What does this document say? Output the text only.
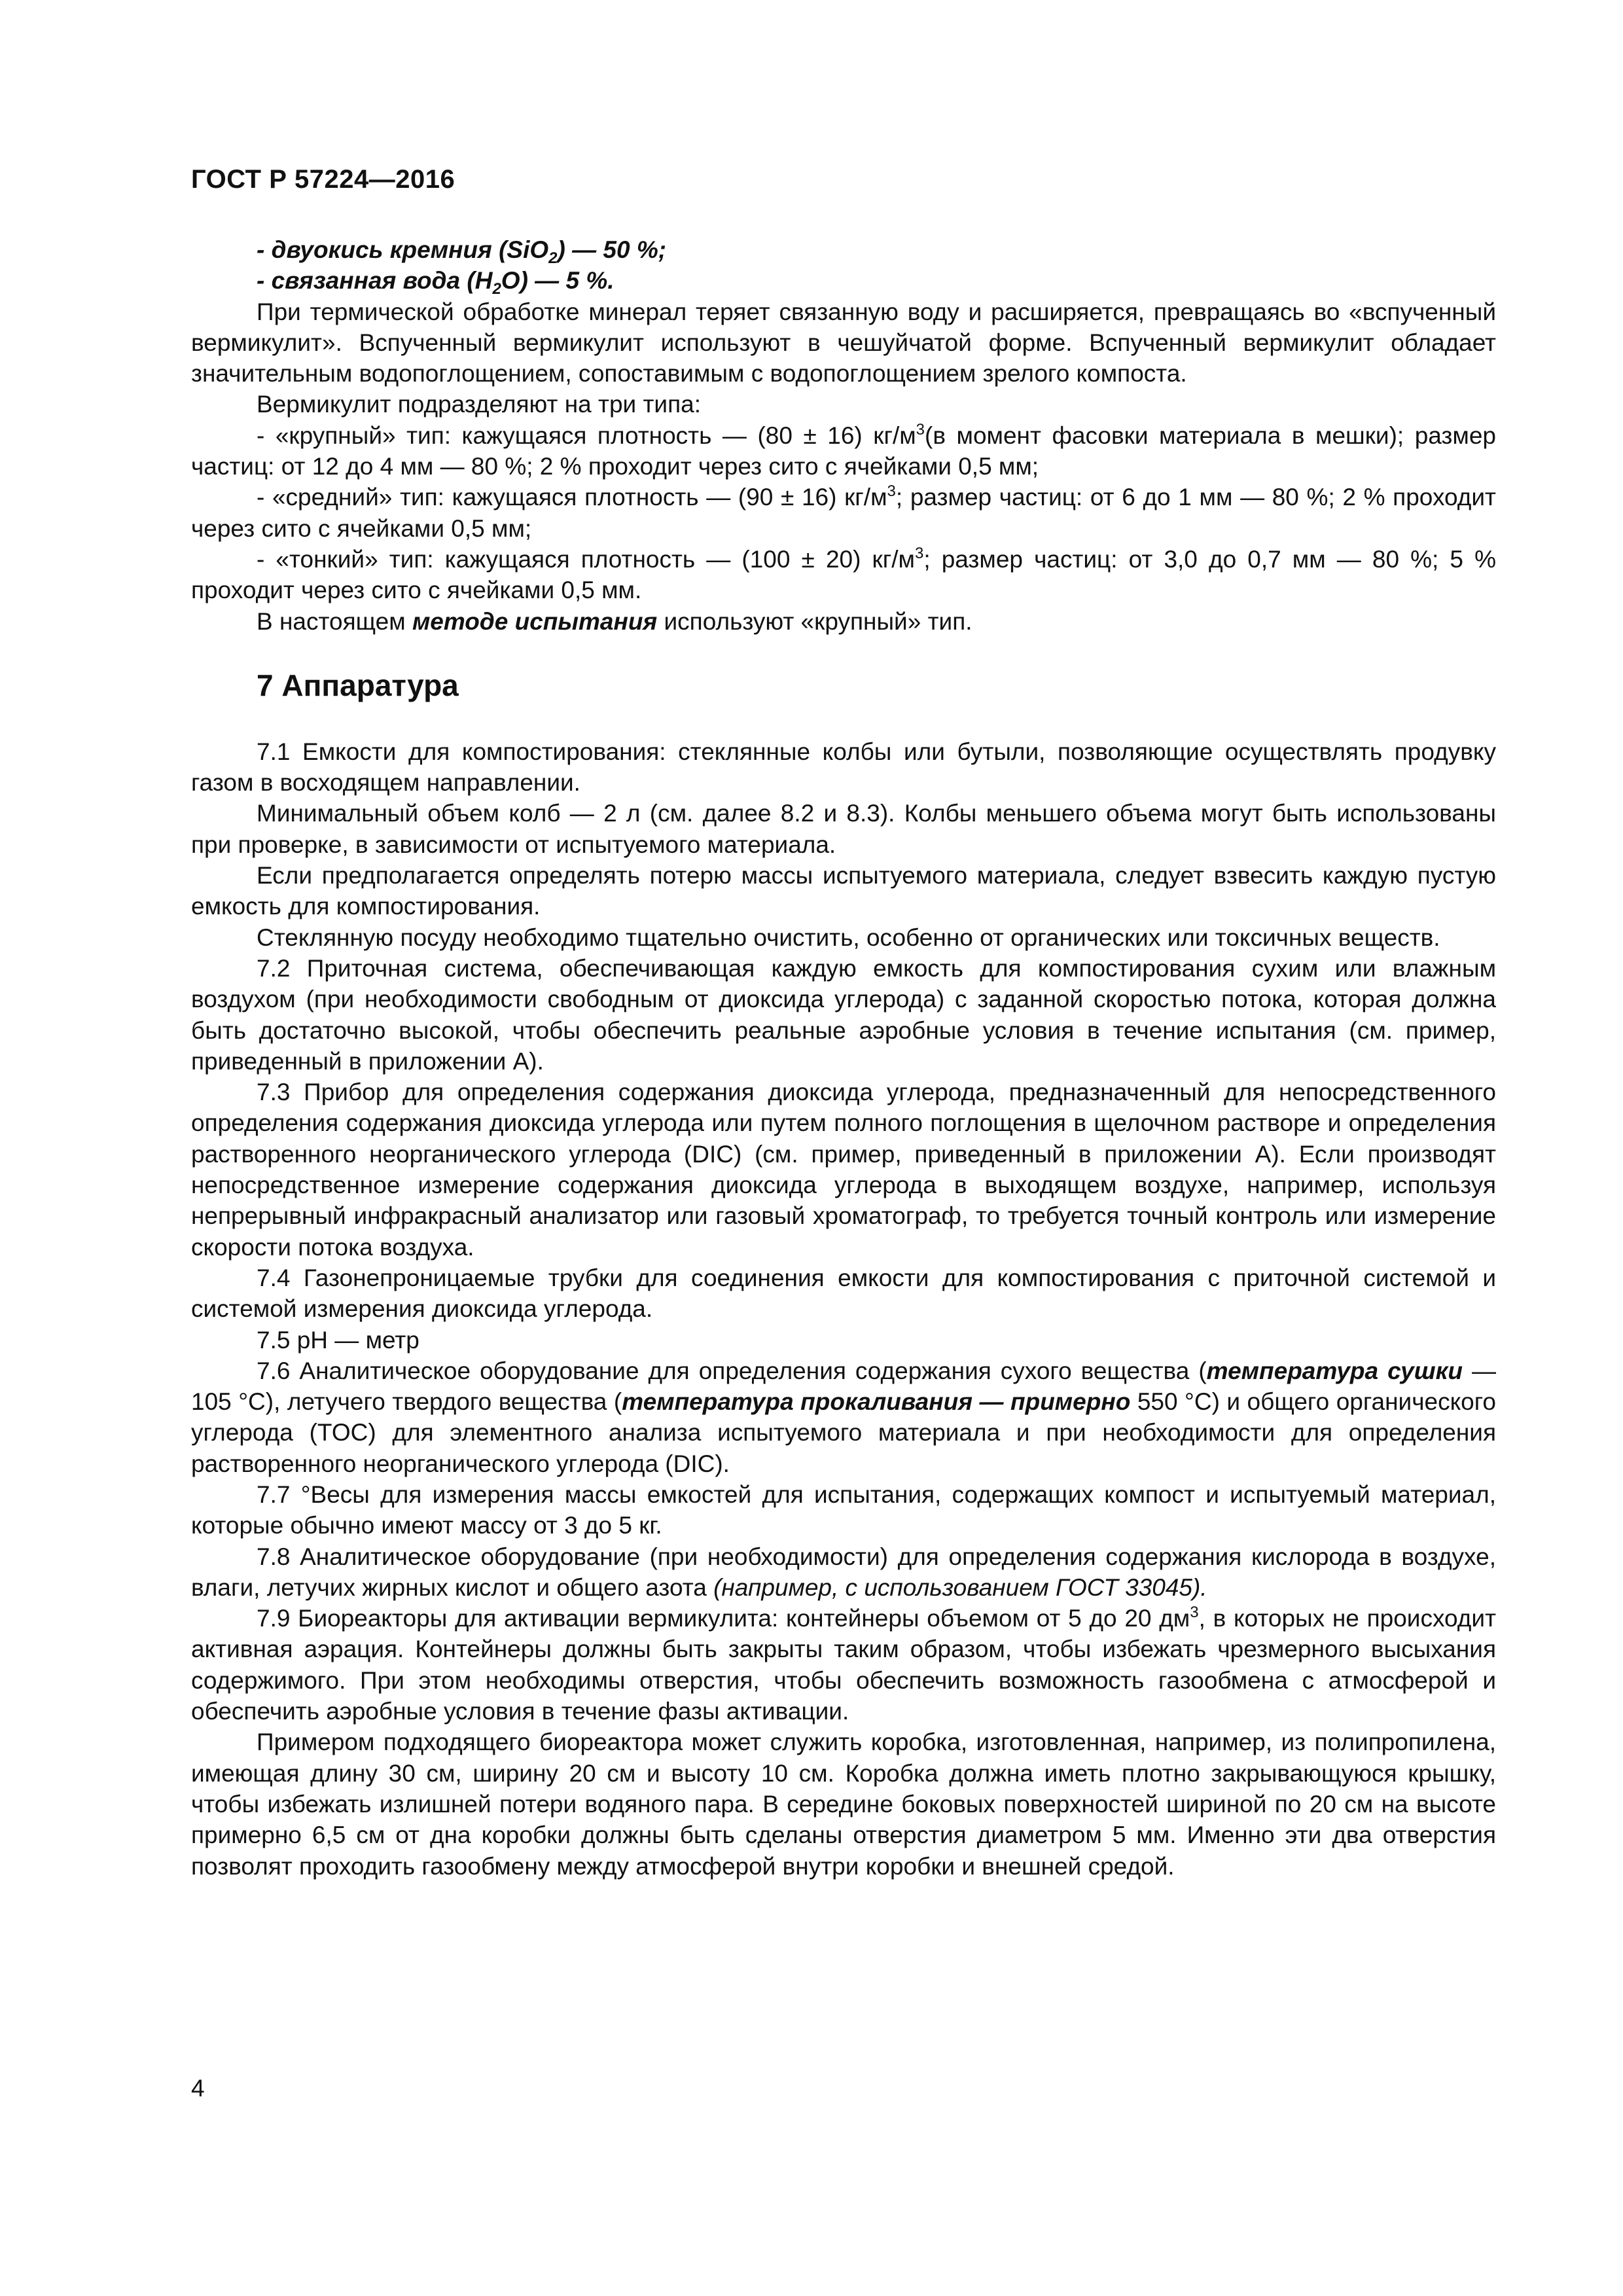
ГОСТ Р 57224—2016

- двуокись кремния (SiO$_2$) — 50 %;

- связанная вода $(H_2O)$ — 5 %.

При термической обработке минерал теряет связанную воду и расширяется, превращаясь во «вспученный вермикулит». Вспученный вермикулит используют в чешуйчатой форме. Вспученный вермикулит обладает значительным водопоглощением, сопоставимым с водопоглощением зрелого компоста.

Вермикулит подразделяют на три типа:

- «крупный» тип: кажущаяся плотность — (80 ± 16) $кг/м^3(в$ момент фасовки материала в мешки); размер частиц: от 12 до 4 мм — 80 %; 2 % проходит через сито с ячейками 0,5 мм;

- «средний» тип: кажущаяся плотность — (90 ± 16) $кг/м^3$; размер частиц: от 6 до 1 мм — 80 %; 2 % проходит через сито с ячейками 0,5 мм;

- «тонкий» тип: кажущаяся плотность — (100 ± 20) $кг/м^3$; размер частиц: от 3,0 до 0,7 мм — 80 %; 5 % проходит через сито с ячейками 0,5 мм.

В настоящем методе испытания используют «крупный» тип.

7 Аппаратура

7.1 Емкости для компостирования: стеклянные колбы или бутыли, позволяющие осуществлять продувку газом в восходящем направлении.

Минимальный объем колб — 2 л (см. далее 8.2 и 8.3). Колбы меньшего объема могут быть использованы при проверке, в зависимости от испытуемого материала.

Если предполагается определять потерю массы испытуемого материала, следует взвесить каждую пустую емкость для компостирования.

Стеклянную посуду необходимо тщательно очистить, особенно от органических или токсичных веществ.

7.2 Приточная система, обеспечивающая каждую емкость для компостирования сухим или влажным воздухом (при необходимости свободным от диоксида углерода) с заданной скоростью потока, которая должна быть достаточно высокой, чтобы обеспечить реальные аэробные условия в течение испытания (см. пример, приведенный в приложении А).

7.3 Прибор для определения содержания диоксида углерода, предназначенный для непосредственного определения содержания диоксида углерода или путем полного поглощения в щелочном растворе и определения растворенного неорганического углерода (DIC) (см. пример, приведенный в приложении А). Если производят непосредственное измерение содержания диоксида углерода в выходящем воздухе, например, используя непрерывный инфракрасный анализатор или газовый хроматограф, то требуется точный контроль или измерение скорости потока воздуха.

7.4 Газонепроницаемые трубки для соединения емкости для компостирования с приточной системой и системой измерения диоксида углерода.

7.5 pH — метр

7.6 Аналитическое оборудование для определения содержания сухого вещества (температура сушки — 105 °С), летучего твердого вещества (температура прокаливания — примерно 550 °С) и общего органического углерода (TOC) для элементного анализа испытуемого материала и при необходимости для определения растворенного неорганического углерода (DIC).

7.7 °Весы для измерения массы емкостей для испытания, содержащих компост и испытуемый материал, которые обычно имеют массу от 3 до 5 кг.

7.8 Аналитическое оборудование (при необходимости) для определения содержания кислорода в воздухе, влаги, летучих жирных кислот и общего азота (например, с использованием ГОСТ 33045).

7.9 Биореакторы для активации вермикулита: контейнеры объемом от 5 до 20 $дм^3$, в которых не происходит активная аэрация. Контейнеры должны быть закрыты таким образом, чтобы избежать чрезмерного высыхания содержимого. При этом необходимы отверстия, чтобы обеспечить возможность газообмена с атмосферой и обеспечить аэробные условия в течение фазы активации.

Примером подходящего биореактора может служить коробка, изготовленная, например, из полипропилена, имеющая длину 30 см, ширину 20 см и высоту 10 см. Коробка должна иметь плотно закрывающуюся крышку, чтобы избежать излишней потери водяного пара. В середине боковых поверхностей шириной по 20 см на высоте примерно 6,5 см от дна коробки должны быть сделаны отверстия диаметром 5 мм. Именно эти два отверстия позволят проходить газообмену между атмосферой внутри коробки и внешней средой.

4
